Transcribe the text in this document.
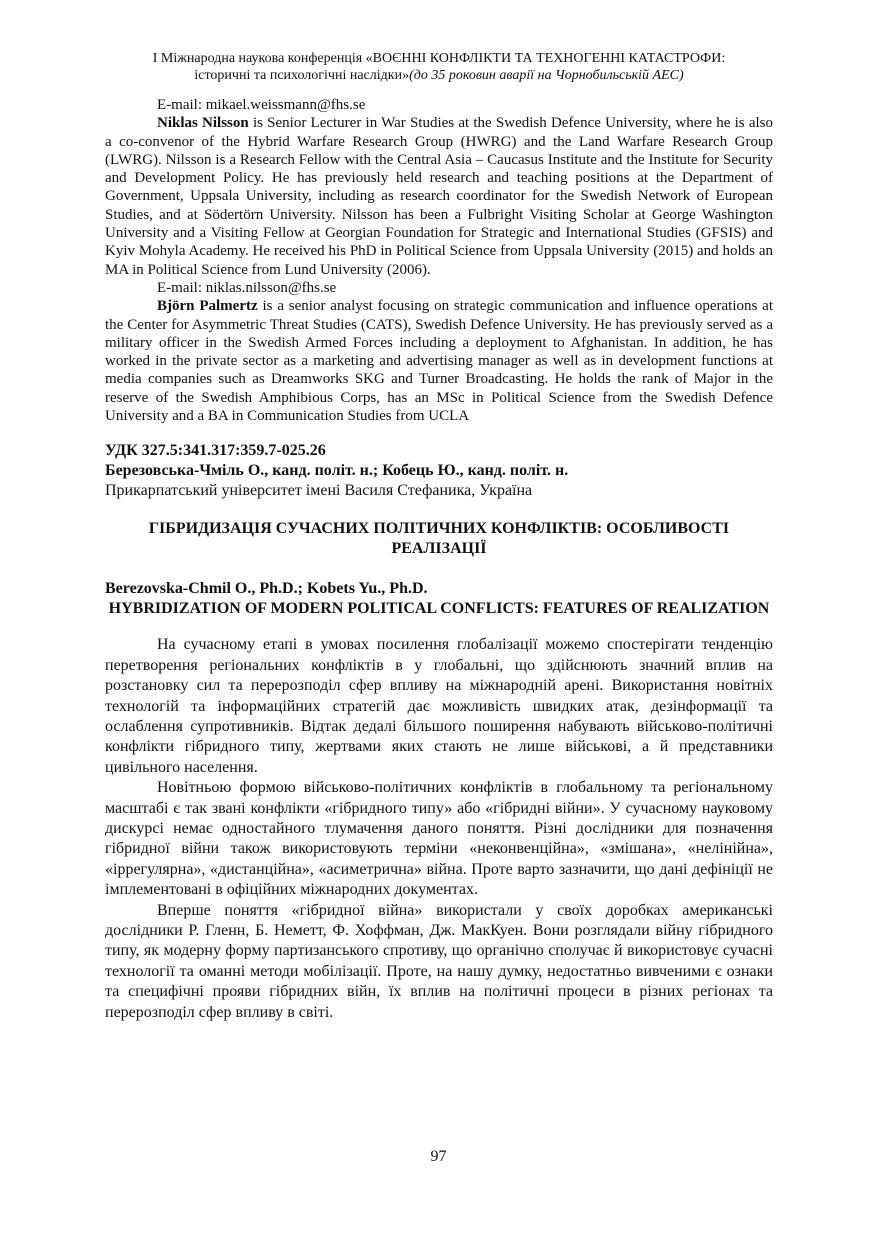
I Міжнародна наукова конференція «ВОЄННІ КОНФЛІКТИ ТА ТЕХНОГЕННІ КАТАСТРОФИ:
історичні та психологічні наслідки»(до 35 роковин аварії на Чорнобильській АЕС)

E-mail: mikael.weissmann@fhs.se

Niklas Nilsson is Senior Lecturer in War Studies at the Swedish Defence University, where he is also a co-convenor of the Hybrid Warfare Research Group (HWRG) and the Land Warfare Research Group (LWRG). Nilsson is a Research Fellow with the Central Asia – Caucasus Institute and the Institute for Security and Development Policy. He has previously held research and teaching positions at the Department of Government, Uppsala University, including as research coordinator for the Swedish Network of European Studies, and at Södertörn University. Nilsson has been a Fulbright Visiting Scholar at George Washington University and a Visiting Fellow at Georgian Foundation for Strategic and International Studies (GFSIS) and Kyiv Mohyla Academy. He received his PhD in Political Science from Uppsala University (2015) and holds an MA in Political Science from Lund University (2006).

E-mail: niklas.nilsson@fhs.se

Björn Palmertz is a senior analyst focusing on strategic communication and influence operations at the Center for Asymmetric Threat Studies (CATS), Swedish Defence University. He has previously served as a military officer in the Swedish Armed Forces including a deployment to Afghanistan. In addition, he has worked in the private sector as a marketing and advertising manager as well as in development functions at media companies such as Dreamworks SKG and Turner Broadcasting. He holds the rank of Major in the reserve of the Swedish Amphibious Corps, has an MSc in Political Science from the Swedish Defence University and a BA in Communication Studies from UCLA

УДК 327.5:341.317:359.7-025.26
Березовська-Чміль О., канд. політ. н.; Кобець Ю., канд. політ. н.
Прикарпатський університет імені Василя Стефаника, Україна
ГІБРИДИЗАЦІЯ СУЧАСНИХ ПОЛІТИЧНИХ КОНФЛІКТІВ: ОСОБЛИВОСТІ РЕАЛІЗАЦІЇ

Berezovska-Chmil O., Ph.D.; Kobets Yu., Ph.D.

HYBRIDIZATION OF MODERN POLITICAL CONFLICTS: FEATURES OF REALIZATION

На сучасному етапі в умовах посилення глобалізації можемо спостерігати тенденцію перетворення регіональних конфліктів в у глобальні, що здійснюють значний вплив на розстановку сил та перерозподіл сфер впливу на міжнародній арені. Використання новітніх технологій та інформаційних стратегій дає можливість швидких атак, дезінформації та ослаблення супротивників. Відтак дедалі більшого поширення набувають військово-політичні конфлікти гібридного типу, жертвами яких стають не лише військові, а й представники цивільного населення.

Новітньою формою військово-політичних конфліктів в глобальному та регіональному масштабі є так звані конфлікти «гібридного типу» або «гібридні війни». У сучасному науковому дискурсі немає одностайного тлумачення даного поняття. Різні дослідники для позначення гібридної війни також використовують терміни «неконвенційна», «змішана», «нелінійна», «іррегулярна», «дистанційна», «асиметрична» війна. Проте варто зазначити, що дані дефініції не імплементовані в офіційних міжнародних документах.

Вперше поняття «гібридної війна» використали у своїх доробках американські дослідники Р. Гленн, Б. Неметт, Ф. Хоффман, Дж. МакКуен. Вони розглядали війну гібридного типу, як модерну форму партизанського спротиву, що органічно сполучає й використовує сучасні технології та оманні методи мобілізації. Проте, на нашу думку, недостатньо вивченими є ознаки та специфічні прояви гібридних війн, їх вплив на політичні процеси в різних регіонах та перерозподіл сфер впливу в світі.

97
